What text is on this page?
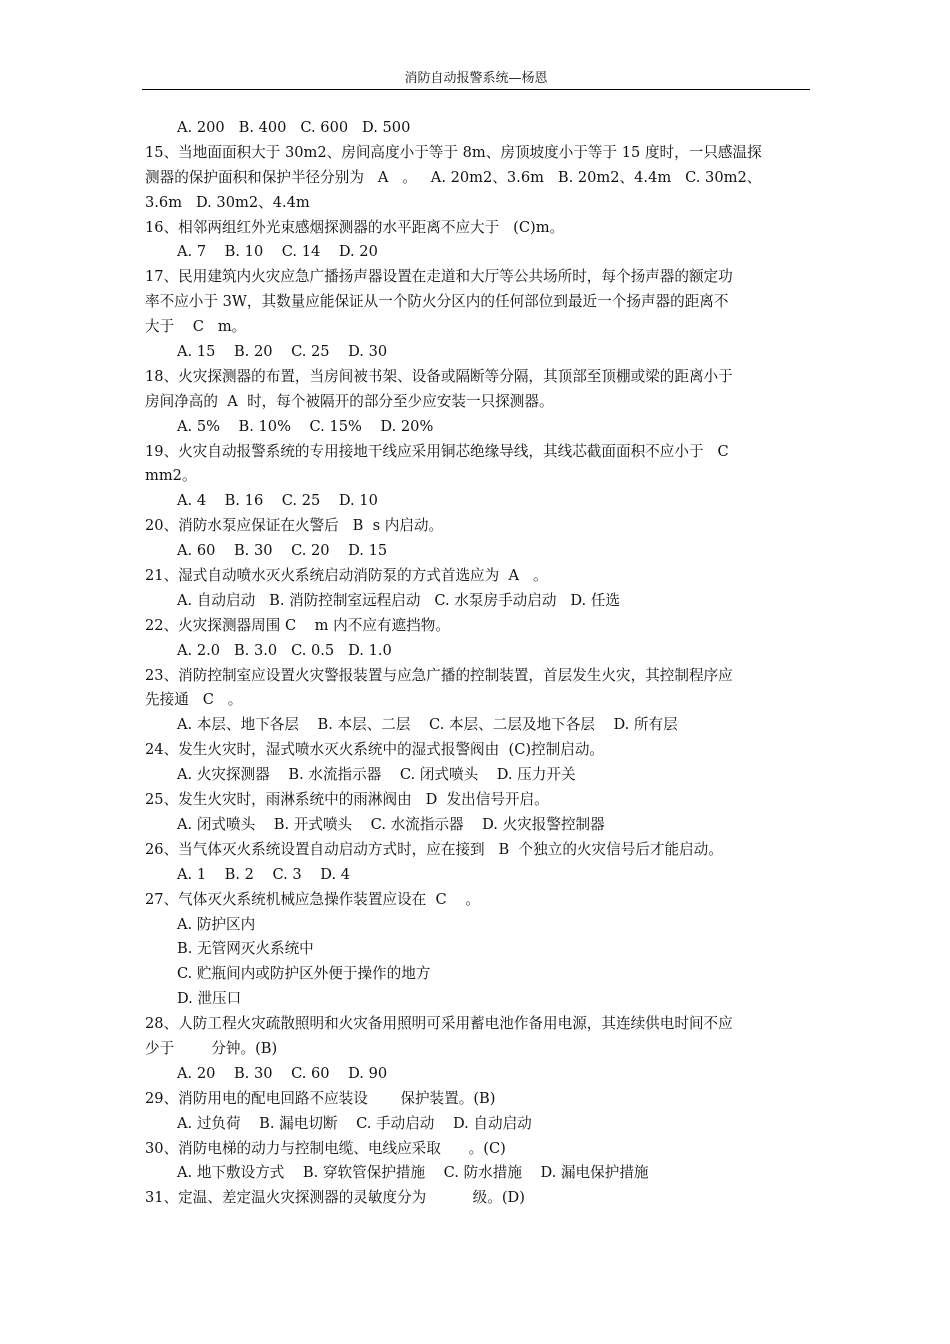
消防自动报警系统—杨恩
A. 200   B. 400   C. 600   D. 500
15、当地面面积大于 30m2、房间高度小于等于 8m、房顶坡度小于等于 15 度时，一只感温探
测器的保护面积和保护半径分别为   A   。   A. 20m2、3.6m   B. 20m2、4.4m   C. 30m2、
3.6m   D. 30m2、4.4m
16、相邻两组红外光束感烟探测器的水平距离不应大于   (C)m。
A. 7    B. 10    C. 14    D. 20
17、民用建筑内火灾应急广播扬声器设置在走道和大厅等公共场所时，每个扬声器的额定功
率不应小于 3W，其数量应能保证从一个防火分区内的任何部位到最近一个扬声器的距离不
大于    C   m。
A. 15    B. 20    C. 25    D. 30
18、火灾探测器的布置，当房间被书架、设备或隔断等分隔，其顶部至顶棚或梁的距离小于
房间净高的  A  时，每个被隔开的部分至少应安装一只探测器。
A. 5%    B. 10%    C. 15%    D. 20%
19、火灾自动报警系统的专用接地干线应采用铜芯绝缘导线，其线芯截面面积不应小于   C
mm2。
A. 4    B. 16    C. 25    D. 10
20、消防水泵应保证在火警后   B  s 内启动。
A. 60    B. 30    C. 20    D. 15
21、湿式自动喷水灭火系统启动消防泵的方式首选应为  A   。
A. 自动启动   B. 消防控制室远程启动   C. 水泵房手动启动   D. 任选
22、火灾探测器周围 C    m 内不应有遮挡物。
A. 2.0   B. 3.0   C. 0.5   D. 1.0
23、消防控制室应设置火灾警报装置与应急广播的控制装置，首层发生火灾，其控制程序应
先接通   C   。
A. 本层、地下各层    B. 本层、二层    C. 本层、二层及地下各层    D. 所有层
24、发生火灾时，湿式喷水灭火系统中的湿式报警阀由  (C)控制启动。
A. 火灾探测器    B. 水流指示器    C. 闭式喷头    D. 压力开关
25、发生火灾时，雨淋系统中的雨淋阀由   D  发出信号开启。
A. 闭式喷头    B. 开式喷头    C. 水流指示器    D. 火灾报警控制器
26、当气体灭火系统设置自动启动方式时，应在接到   B  个独立的火灾信号后才能启动。
A. 1    B. 2    C. 3    D. 4
27、气体灭火系统机械应急操作装置应设在  C    。
A. 防护区内
B. 无管网灭火系统中
C. 贮瓶间内或防护区外便于操作的地方
D. 泄压口
28、人防工程火灾疏散照明和火灾备用照明可采用蓄电池作备用电源，其连续供电时间不应
少于        分钟。(B)
A. 20    B. 30    C. 60    D. 90
29、消防用电的配电回路不应装设       保护装置。(B)
A. 过负荷    B. 漏电切断    C. 手动启动    D. 自动启动
30、消防电梯的动力与控制电缆、电线应采取      。(C)
A. 地下敷设方式    B. 穿软管保护措施    C. 防水措施    D. 漏电保护措施
31、定温、差定温火灾探测器的灵敏度分为          级。(D)
